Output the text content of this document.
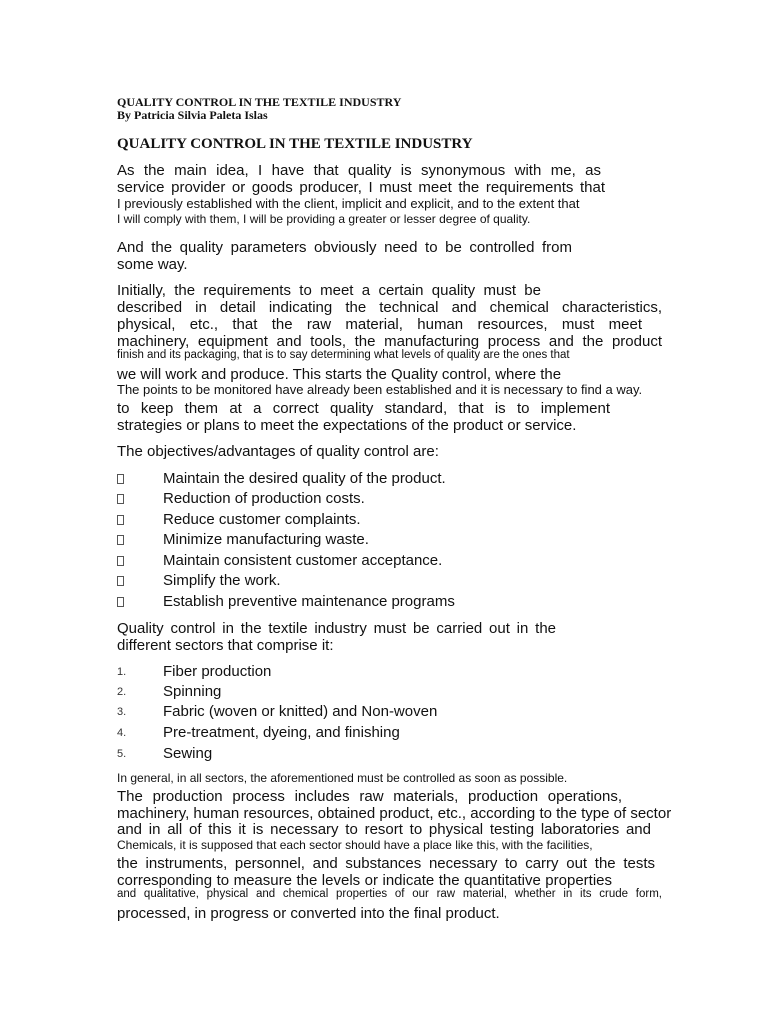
QUALITY CONTROL IN THE TEXTILE INDUSTRY
By Patricia Silvia Paleta Islas
QUALITY CONTROL IN THE TEXTILE INDUSTRY
As the main idea, I have that quality is synonymous with me, as
service provider or goods producer, I must meet the requirements that
I previously established with the client, implicit and explicit, and to the extent that
I will comply with them, I will be providing a greater or lesser degree of quality.
And the quality parameters obviously need to be controlled from
some way.
Initially, the requirements to meet a certain quality must be
described in detail indicating the technical and chemical characteristics,
physical, etc., that the raw material, human resources, must meet
machinery, equipment and tools, the manufacturing process and the product
finish and its packaging, that is to say determining what levels of quality are the ones that
we will work and produce. This starts the Quality control, where the
The points to be monitored have already been established and it is necessary to find a way.
to keep them at a correct quality standard, that is to implement
strategies or plans to meet the expectations of the product or service.
The objectives/advantages of quality control are:
Maintain the desired quality of the product.
Reduction of production costs.
Reduce customer complaints.
Minimize manufacturing waste.
Maintain consistent customer acceptance.
Simplify the work.
Establish preventive maintenance programs
Quality control in the textile industry must be carried out in the
different sectors that comprise it:
1. Fiber production
2. Spinning
3. Fabric (woven or knitted) and Non-woven
4. Pre-treatment, dyeing, and finishing
5. Sewing
In general, in all sectors, the aforementioned must be controlled as soon as possible.
The production process includes raw materials, production operations,
machinery, human resources, obtained product, etc., according to the type of sector
and in all of this it is necessary to resort to physical testing laboratories and
Chemicals, it is supposed that each sector should have a place like this, with the facilities,
the instruments, personnel, and substances necessary to carry out the tests
corresponding to measure the levels or indicate the quantitative properties
and qualitative, physical and chemical properties of our raw material, whether in its crude form,
processed, in progress or converted into the final product.
